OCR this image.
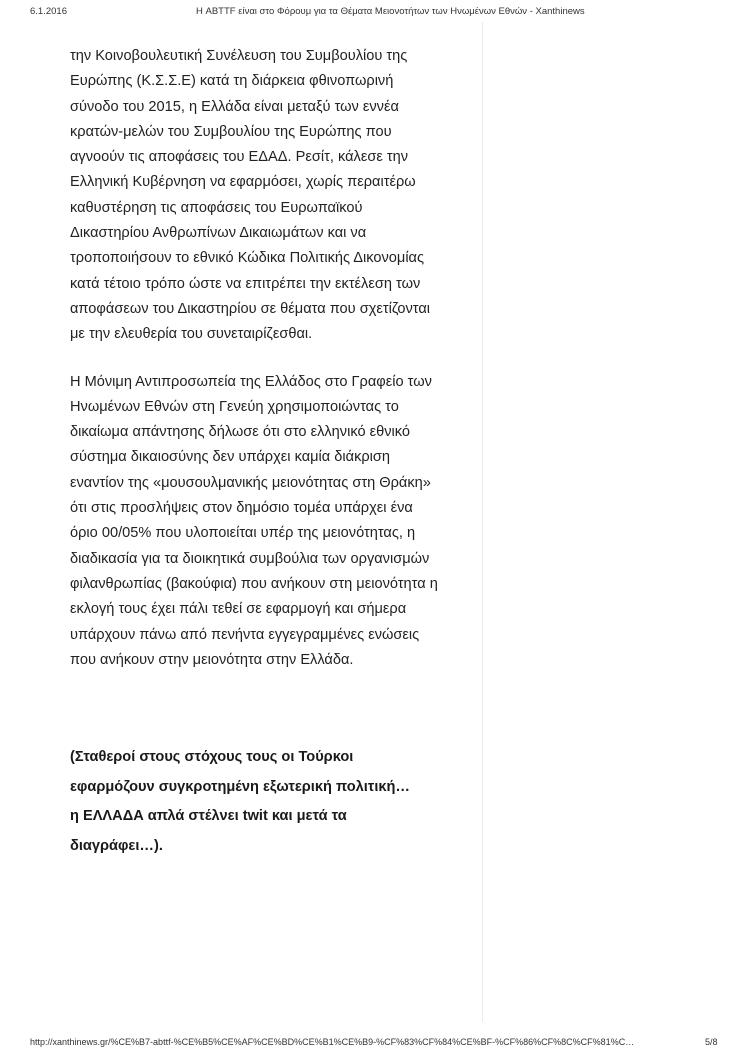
6.1.2016	Η ABTTF είναι στο Φόρουμ για τα Θέματα Μειονοτήτων των Ηνωμένων Εθνών - Xanthinews

την Κοινοβουλευτική Συνέλευση του Συμβουλίου της
Ευρώπης (Κ.Σ.Σ.Ε) κατά τη διάρκεια φθινοπωρινή
σύνοδο του 2015, η Ελλάδα είναι μεταξύ των εννέα
κρατών-μελών του Συμβουλίου της Ευρώπης που
αγνοούν τις αποφάσεις του ΕΔΑΔ. Ρεσίτ, κάλεσε την
Ελληνική Κυβέρνηση να εφαρμόσει, χωρίς περαιτέρω
καθυστέρηση τις αποφάσεις του Ευρωπαϊκού
Δικαστηρίου Ανθρωπίνων Δικαιωμάτων και να
τροποποιήσουν το εθνικό Κώδικα Πολιτικής Δικονομίας
κατά τέτοιο τρόπο ώστε να επιτρέπει την εκτέλεση των
αποφάσεων του Δικαστηρίου σε θέματα που σχετίζονται
με την ελευθερία του συνεταιρίζεσθαι.

Η Μόνιμη Αντιπροσωπεία της Ελλάδος στο Γραφείο των
Ηνωμένων Εθνών στη Γενεύη χρησιμοποιώντας το
δικαίωμα απάντησης δήλωσε ότι στο ελληνικό εθνικό
σύστημα δικαιοσύνης δεν υπάρχει καμία διάκριση
εναντίον της «μουσουλμανικής μειονότητας στη Θράκη»
ότι στις προσλήψεις στον δημόσιο τομέα υπάρχει ένα
όριο 00/05% που υλοποιείται υπέρ της μειονότητας, η
διαδικασία για τα διοικητικά συμβούλια των οργανισμών
φιλανθρωπίας (βακούφια) που ανήκουν στη μειονότητα η
εκλογή τους έχει πάλι τεθεί σε εφαρμογή και σήμερα
υπάρχουν πάνω από πενήντα εγγεγραμμένες ενώσεις
που ανήκουν στην μειονότητα στην Ελλάδα.

(Σταθεροί στους στόχους τους οι Τούρκοι
εφαρμόζουν συγκροτημένη εξωτερική πολιτική…
η ΕΛΛΑΔΑ απλά στέλνει twit και μετά τα
διαγράφει…).

http://xanthinews.gr/%CE%B7-abttf-%CE%B5%CE%AF%CE%BD%CE%B1%CE%B9-%CF%83%CF%84%CE%BF-%CF%86%CF%8C%CF%81%C…	5/8
